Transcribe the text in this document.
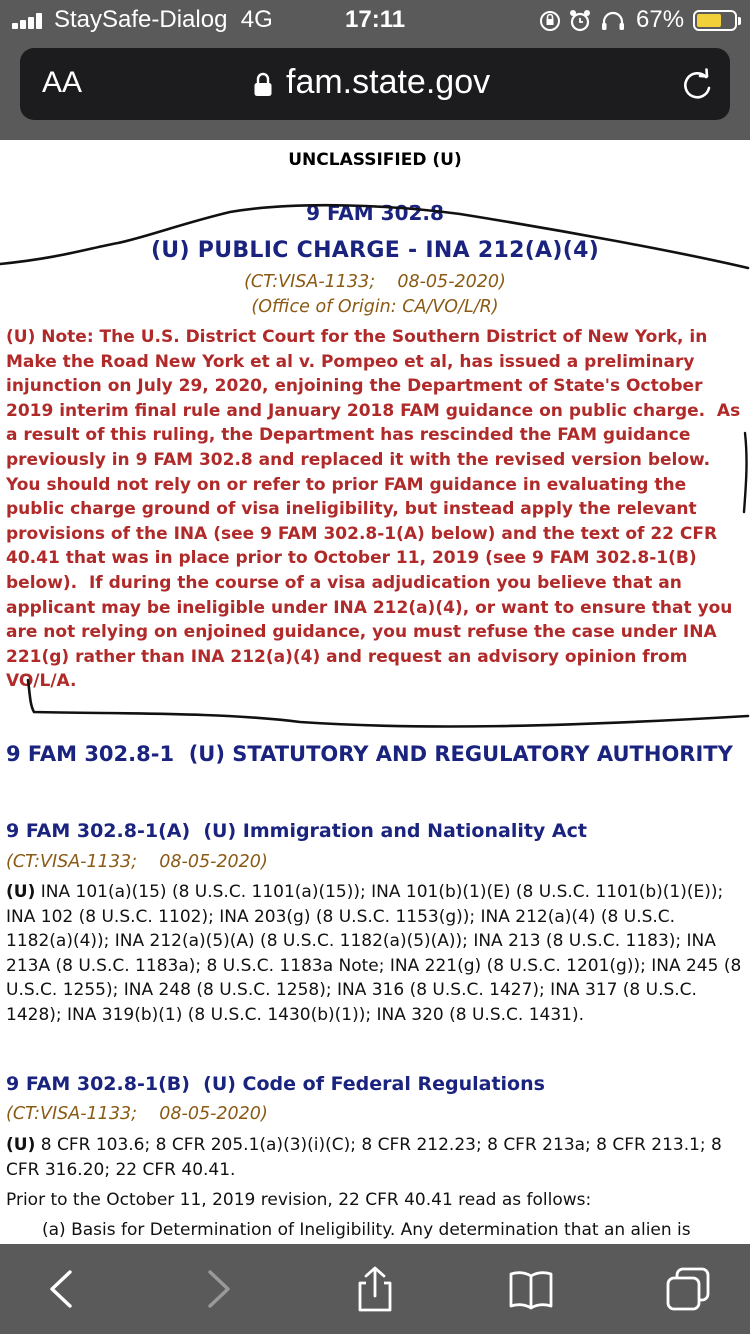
StaySafe-Dialog 4G	17:11	67%
AA	fam.state.gov
UNCLASSIFIED (U)
9 FAM 302.8
(U) PUBLIC CHARGE - INA 212(A)(4)
(CT:VISA-1133;    08-05-2020)
(Office of Origin: CA/VO/L/R)
(U) Note: The U.S. District Court for the Southern District of New York, in Make the Road New York et al v. Pompeo et al, has issued a preliminary injunction on July 29, 2020, enjoining the Department of State's October 2019 interim final rule and January 2018 FAM guidance on public charge.  As a result of this ruling, the Department has rescinded the FAM guidance previously in 9 FAM 302.8 and replaced it with the revised version below.  You should not rely on or refer to prior FAM guidance in evaluating the public charge ground of visa ineligibility, but instead apply the relevant provisions of the INA (see 9 FAM 302.8-1(A) below) and the text of 22 CFR 40.41 that was in place prior to October 11, 2019 (see 9 FAM 302.8-1(B) below).  If during the course of a visa adjudication you believe that an applicant may be ineligible under INA 212(a)(4), or want to ensure that you are not relying on enjoined guidance, you must refuse the case under INA 221(g) rather than INA 212(a)(4) and request an advisory opinion from VO/L/A.
9 FAM 302.8-1  (U) STATUTORY AND REGULATORY AUTHORITY
9 FAM 302.8-1(A)  (U) Immigration and Nationality Act
(CT:VISA-1133;    08-05-2020)
(U) INA 101(a)(15) (8 U.S.C. 1101(a)(15)); INA 101(b)(1)(E) (8 U.S.C. 1101(b)(1)(E)); INA 102 (8 U.S.C. 1102); INA 203(g) (8 U.S.C. 1153(g)); INA 212(a)(4) (8 U.S.C. 1182(a)(4)); INA 212(a)(5)(A) (8 U.S.C. 1182(a)(5)(A)); INA 213 (8 U.S.C. 1183); INA 213A (8 U.S.C. 1183a); 8 U.S.C. 1183a Note; INA 221(g) (8 U.S.C. 1201(g)); INA 245 (8 U.S.C. 1255); INA 248 (8 U.S.C. 1258); INA 316 (8 U.S.C. 1427); INA 317 (8 U.S.C. 1428); INA 319(b)(1) (8 U.S.C. 1430(b)(1)); INA 320 (8 U.S.C. 1431).
9 FAM 302.8-1(B)  (U) Code of Federal Regulations
(CT:VISA-1133;    08-05-2020)
(U) 8 CFR 103.6; 8 CFR 205.1(a)(3)(i)(C); 8 CFR 212.23; 8 CFR 213a; 8 CFR 213.1; 8 CFR 316.20; 22 CFR 40.41.
Prior to the October 11, 2019 revision, 22 CFR 40.41 read as follows:
(a) Basis for Determination of Ineligibility. Any determination that an alien is
